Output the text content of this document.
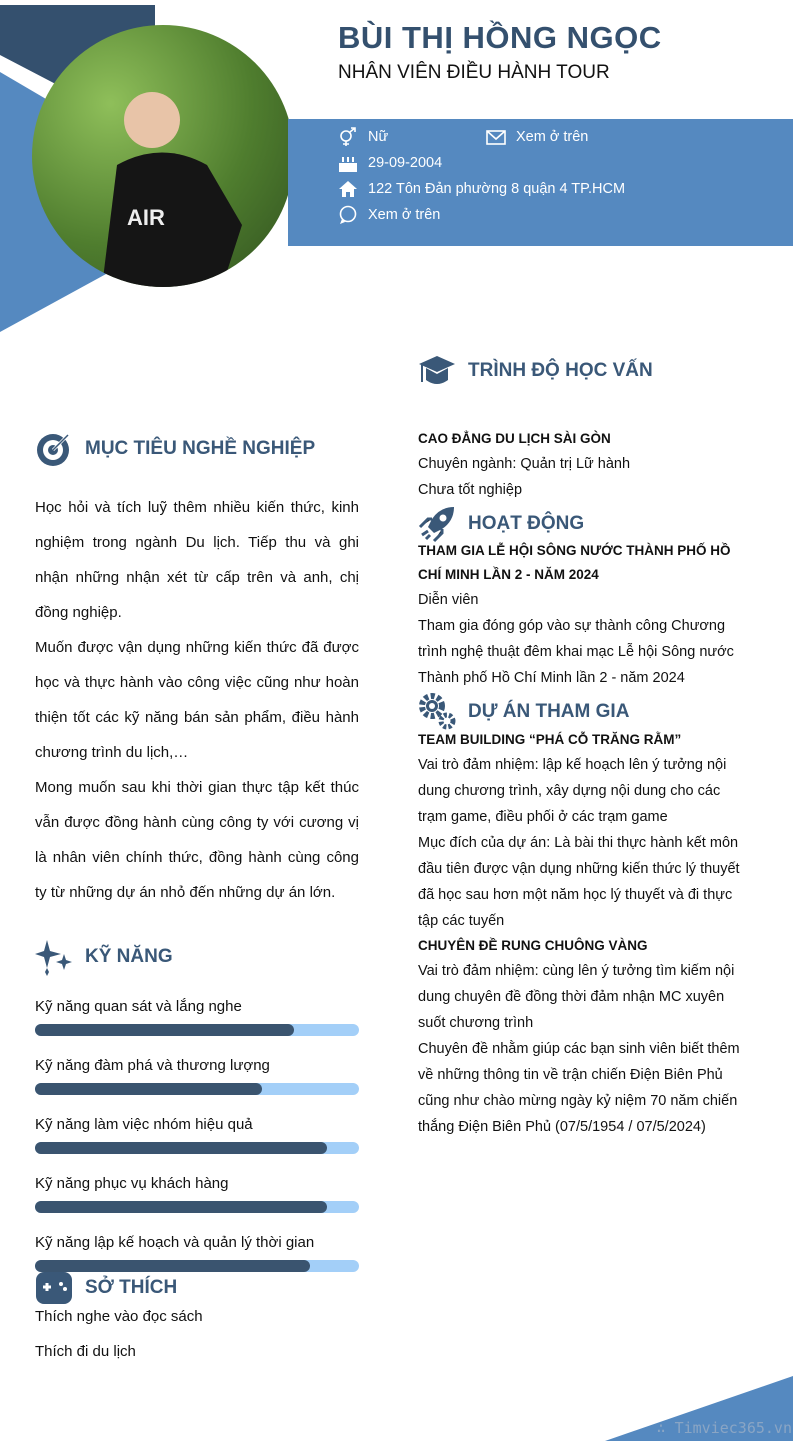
AIR
BÙI THỊ HỒNG NGỌC
NHÂN VIÊN ĐIỀU HÀNH TOUR
Nữ	Xem ở trên
29-09-2004
122 Tôn Đản phường 8 quận 4 TP.HCM
Xem ở trên
MỤC TIÊU NGHỀ NGHIỆP

Học hỏi và tích luỹ thêm nhiều kiến thức, kinh nghiệm trong ngành Du lịch. Tiếp thu và ghi nhận những nhận xét từ cấp trên và anh, chị đồng nghiệp.

Muốn được vận dụng những kiến thức đã được học và thực hành vào công việc cũng như hoàn thiện tốt các kỹ năng bán sản phẩm, điều hành chương trình du lịch,…

Mong muốn sau khi thời gian thực tập kết thúc vẫn được đồng hành cùng công ty với cương vị là nhân viên chính thức, đồng hành cùng công ty từ những dự án nhỏ đến những dự án lớn.

KỸ NĂNG
Kỹ năng quan sát và lắng nghe
Kỹ năng đàm phá và thương lượng
Kỹ năng làm việc nhóm hiệu quả
Kỹ năng phục vụ khách hàng
Kỹ năng lập kế hoạch và quản lý thời gian
SỞ THÍCH
Thích nghe vào đọc sách
Thích đi du lịch
TRÌNH ĐỘ HỌC VẤN
CAO ĐẲNG DU LỊCH SÀI GÒN
Chuyên ngành: Quản trị Lữ hành
Chưa tốt nghiệp
HOẠT ĐỘNG
THAM GIA LỄ HỘI SÔNG NƯỚC THÀNH PHỐ HỒ CHÍ MINH LẦN 2 - NĂM 2024
Diễn viên
Tham gia đóng góp vào sự thành công Chương trình nghệ thuật đêm khai mạc Lễ hội Sông nước Thành phố Hồ Chí Minh lần 2 - năm 2024
DỰ ÁN THAM GIA
TEAM BUILDING “PHÁ CỖ TRĂNG RẰM”
Vai trò đảm nhiệm: lập kế hoạch lên ý tưởng nội dung chương trình, xây dựng nội dung cho các trạm game, điều phối ở các trạm game
Mục đích của dự án: Là bài thi thực hành kết môn đầu tiên được vận dụng những kiến thức lý thuyết đã học sau hơn một năm học lý thuyết và đi thực tập các tuyến
CHUYÊN ĐỀ RUNG CHUÔNG VÀNG
Vai trò đảm nhiệm: cùng lên ý tưởng tìm kiếm nội dung chuyên đề đồng thời đảm nhận MC xuyên suốt chương trình
Chuyên đề nhằm giúp các bạn sinh viên biết thêm về những thông tin về trận chiến Điện Biên Phủ cũng như chào mừng ngày kỷ niệm 70 năm chiến thắng Điện Biên Phủ (07/5/1954 / 07/5/2024)
∴ Timviec365.vn
